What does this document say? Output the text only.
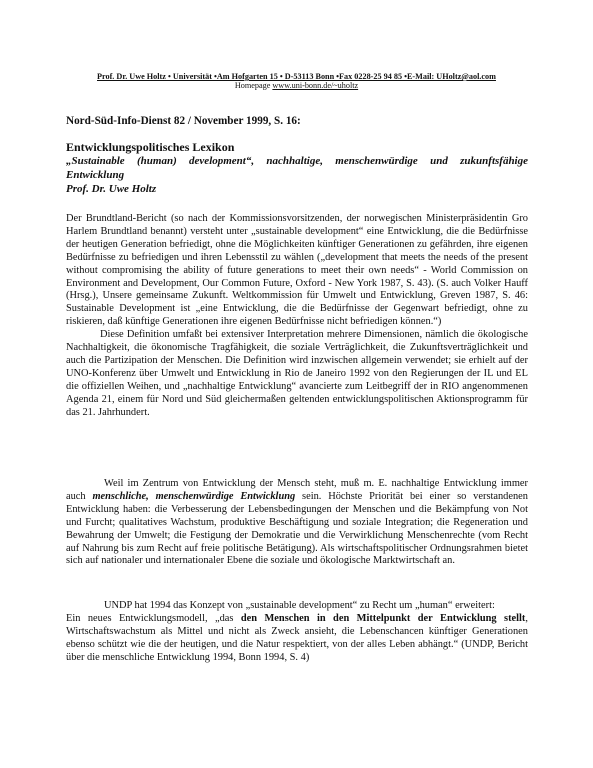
Prof. Dr. Uwe Holtz • Universität •Am Hofgarten 15 • D-53113 Bonn •Fax 0228-25 94 85 •E-Mail: UHoltz@aol.com
Homepage www.uni-bonn.de/~uholtz
Nord-Süd-Info-Dienst 82 / November 1999, S. 16:
Entwicklungspolitisches Lexikon
„Sustainable (human) development“, nachhaltige, menschenwürdige und zukunftsfähige Entwicklung
Prof. Dr. Uwe Holtz

Der Brundtland-Bericht (so nach der Kommissionsvorsitzenden, der norwegischen Ministerpräsidentin Gro Harlem Brundtland benannt) versteht unter „sustainable development“ eine Entwicklung, die die Bedürfnisse der heutigen Generation befriedigt, ohne die Möglichkeiten künftiger Generationen zu gefährden, ihre eigenen Bedürfnisse zu befriedigen und ihren Lebensstil zu wählen („development that meets the needs of the present without compromising the ability of future generations to meet their own needs“ - World Commission on Environment and Development, Our Common Future, Oxford - New York 1987, S. 43). (S. auch Volker Hauff (Hrsg.), Unsere gemeinsame Zukunft. Weltkommission für Umwelt und Entwicklung, Greven 1987, S. 46: Sustainable Development ist „eine Entwicklung, die die Bedürfnisse der Gegenwart befriedigt, ohne zu riskieren, daß künftige Generationen ihre eigenen Bedürfnisse nicht befriedigen können.“)

Diese Definition umfaßt bei extensiver Interpretation mehrere Dimensionen, nämlich die ökologische Nachhaltigkeit, die ökonomische Tragfähigkeit, die soziale Verträglichkeit, die Zukunftsverträglichkeit und auch die Partizipation der Menschen. Die Definition wird inzwischen allgemein verwendet; sie erhielt auf der UNO-Konferenz über Umwelt und Entwicklung in Rio de Janeiro 1992 von den Regierungen der IL und EL die offiziellen Weihen, und „nachhaltige Entwicklung“ avancierte zum Leitbegriff der in RIO angenommenen Agenda 21, einem für Nord und Süd gleichermaßen geltenden entwicklungspolitischen Aktionsprogramm für das 21. Jahrhundert.

Weil im Zentrum von Entwicklung der Mensch steht, muß m. E. nachhaltige Entwicklung immer auch menschliche, menschenwürdige Entwicklung sein. Höchste Priorität bei einer so verstandenen Entwicklung haben: die Verbesserung der Lebensbedingungen der Menschen und die Bekämpfung von Not und Furcht; qualitatives Wachstum, produktive Beschäftigung und soziale Integration; die Regeneration und Bewahrung der Umwelt; die Festigung der Demokratie und die Verwirklichung Menschenrechte (vom Recht auf Nahrung bis zum Recht auf freie politische Betätigung). Als wirtschaftspolitischer Ordnungsrahmen bietet sich auf nationaler und internationaler Ebene die soziale und ökologische Marktwirtschaft an.

UNDP hat 1994 das Konzept von „sustainable development“ zu Recht um „human“ erweitert:

Ein neues Entwicklungsmodell, „das den Menschen in den Mittelpunkt der Entwicklung stellt, Wirtschaftswachstum als Mittel und nicht als Zweck ansieht, die Lebenschancen künftiger Generationen ebenso schützt wie die der heutigen, und die Natur respektiert, von der alles Leben abhängt.“ (UNDP, Bericht über die menschliche Entwicklung 1994, Bonn 1994, S. 4)
